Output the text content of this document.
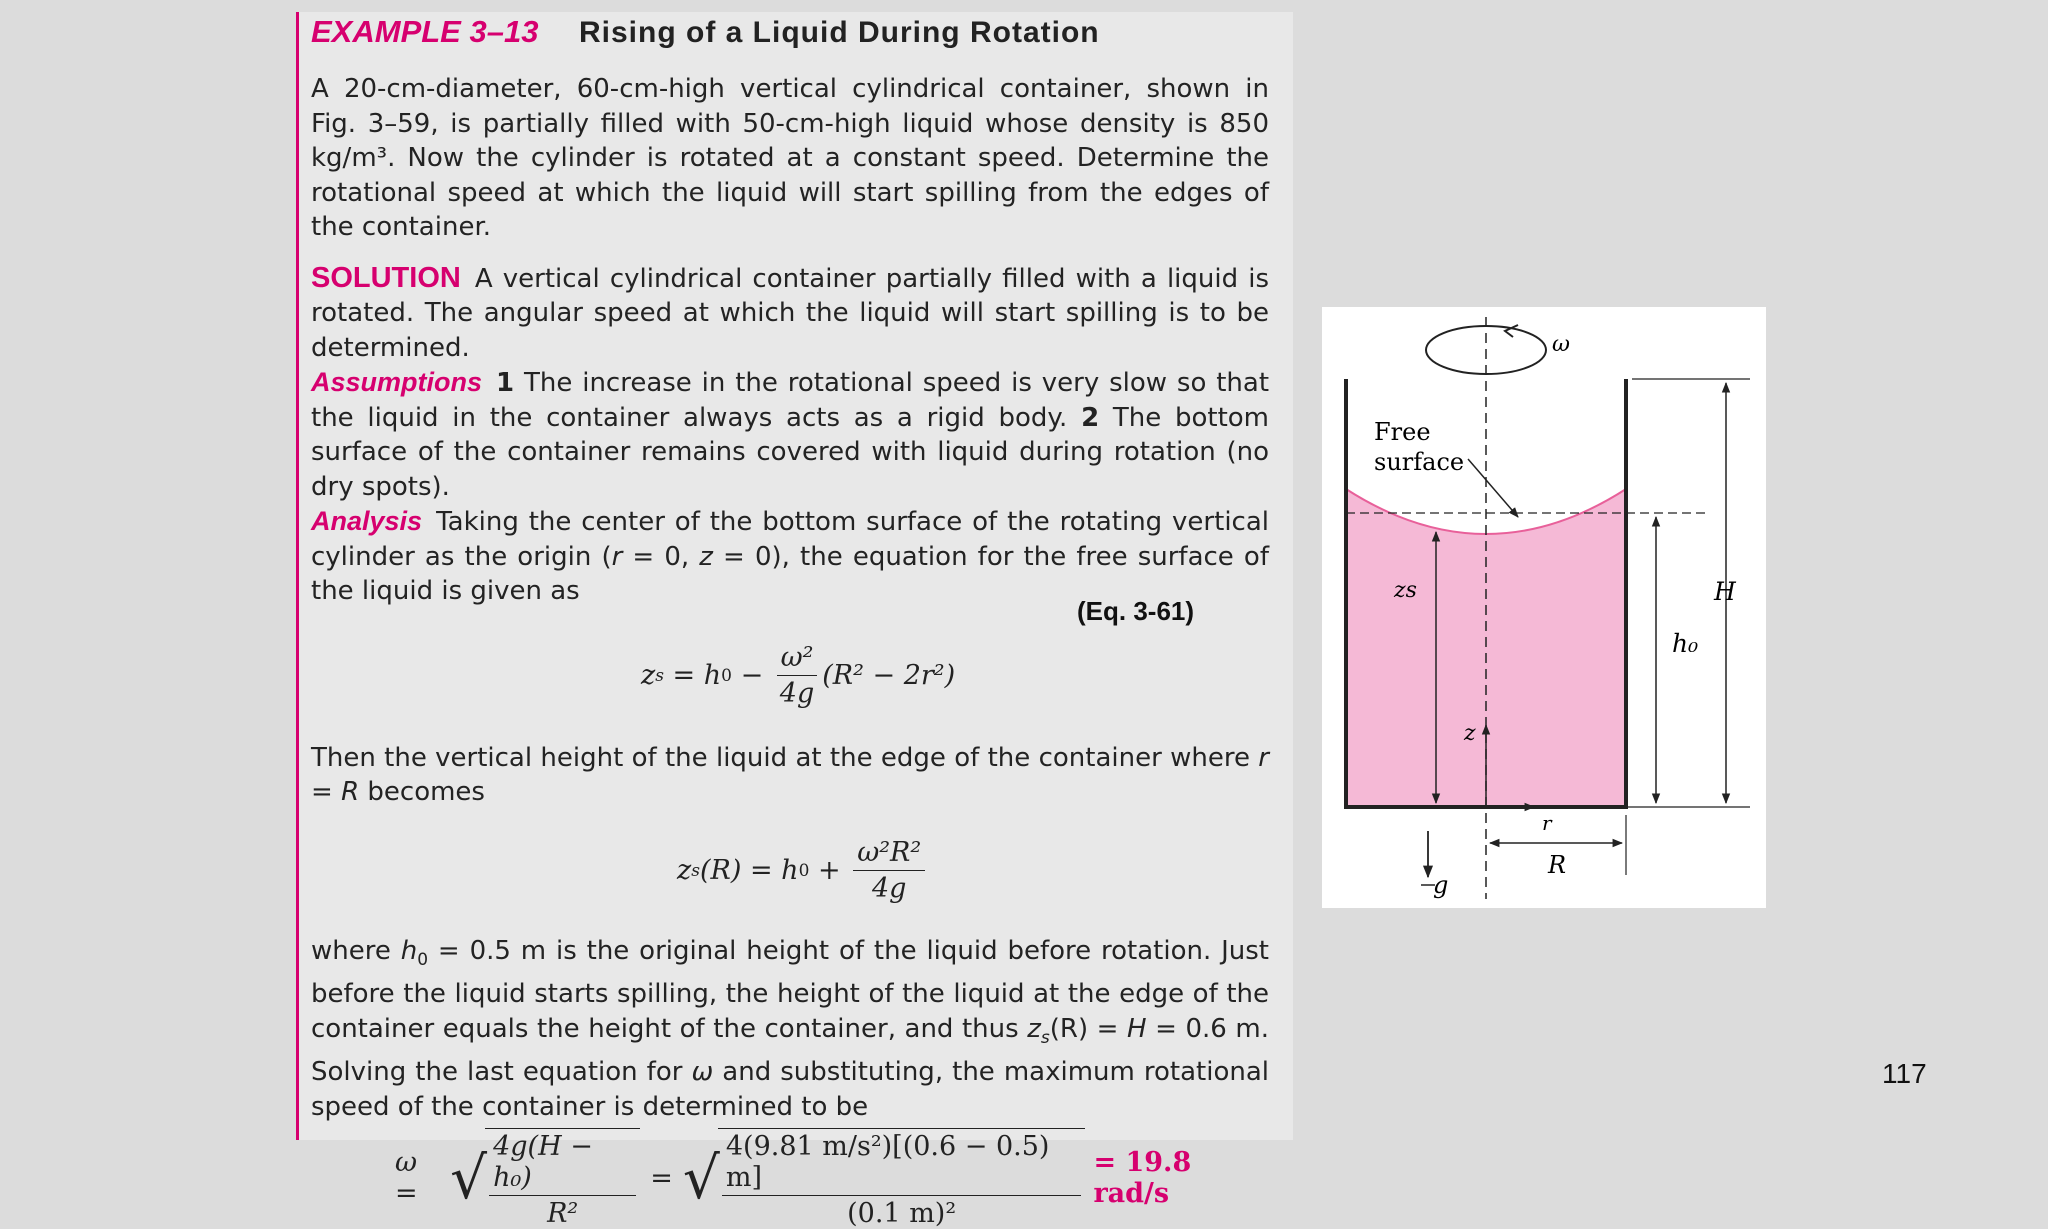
EXAMPLE 3–13	Rising of a Liquid During Rotation

A 20-cm-diameter, 60-cm-high vertical cylindrical container, shown in Fig. 3–59, is partially filled with 50-cm-high liquid whose density is 850 kg/m³. Now the cylinder is rotated at a constant speed. Determine the rotational speed at which the liquid will start spilling from the edges of the container.

SOLUTION A vertical cylindrical container partially filled with a liquid is rotated. The angular speed at which the liquid will start spilling is to be determined.

Assumptions 1 The increase in the rotational speed is very slow so that the liquid in the container always acts as a rigid body. 2 The bottom surface of the container remains covered with liquid during rotation (no dry spots).

Analysis Taking the center of the bottom surface of the rotating vertical cylinder as the origin (r = 0, z = 0), the equation for the free surface of the liquid is given as

z s = h $0 - \frac{\text{ω²}}{4g} (R^2 - 2r^2)$
(Eq. 3-61)

Then the vertical height of the liquid at the edge of the container where r = R becomes

z s (R) = h $0 + \frac{\text{ω²R²}}{4g}$

where $h_0 = 0.5$ m is the original height of the liquid before rotation. Just before the liquid starts spilling, the height of the liquid at the edge of the container equals the height of the container, and thus $z_s(R) = H = 0.6$ m. Solving the last equation for ω and substituting, the maximum rotational speed of the container is determined to be

ω = √ $\frac{\text{4g(H − h₀)}}{\text{R²}}$ = √ $\frac{\text{4(9.81 m/s²)[(0.6 − 0.5) m]}}{\text{(0.1 m)²}} = 19.8$ rad/s
ω
Free
surface
zs	H
h₀
z
r
R
g
117
